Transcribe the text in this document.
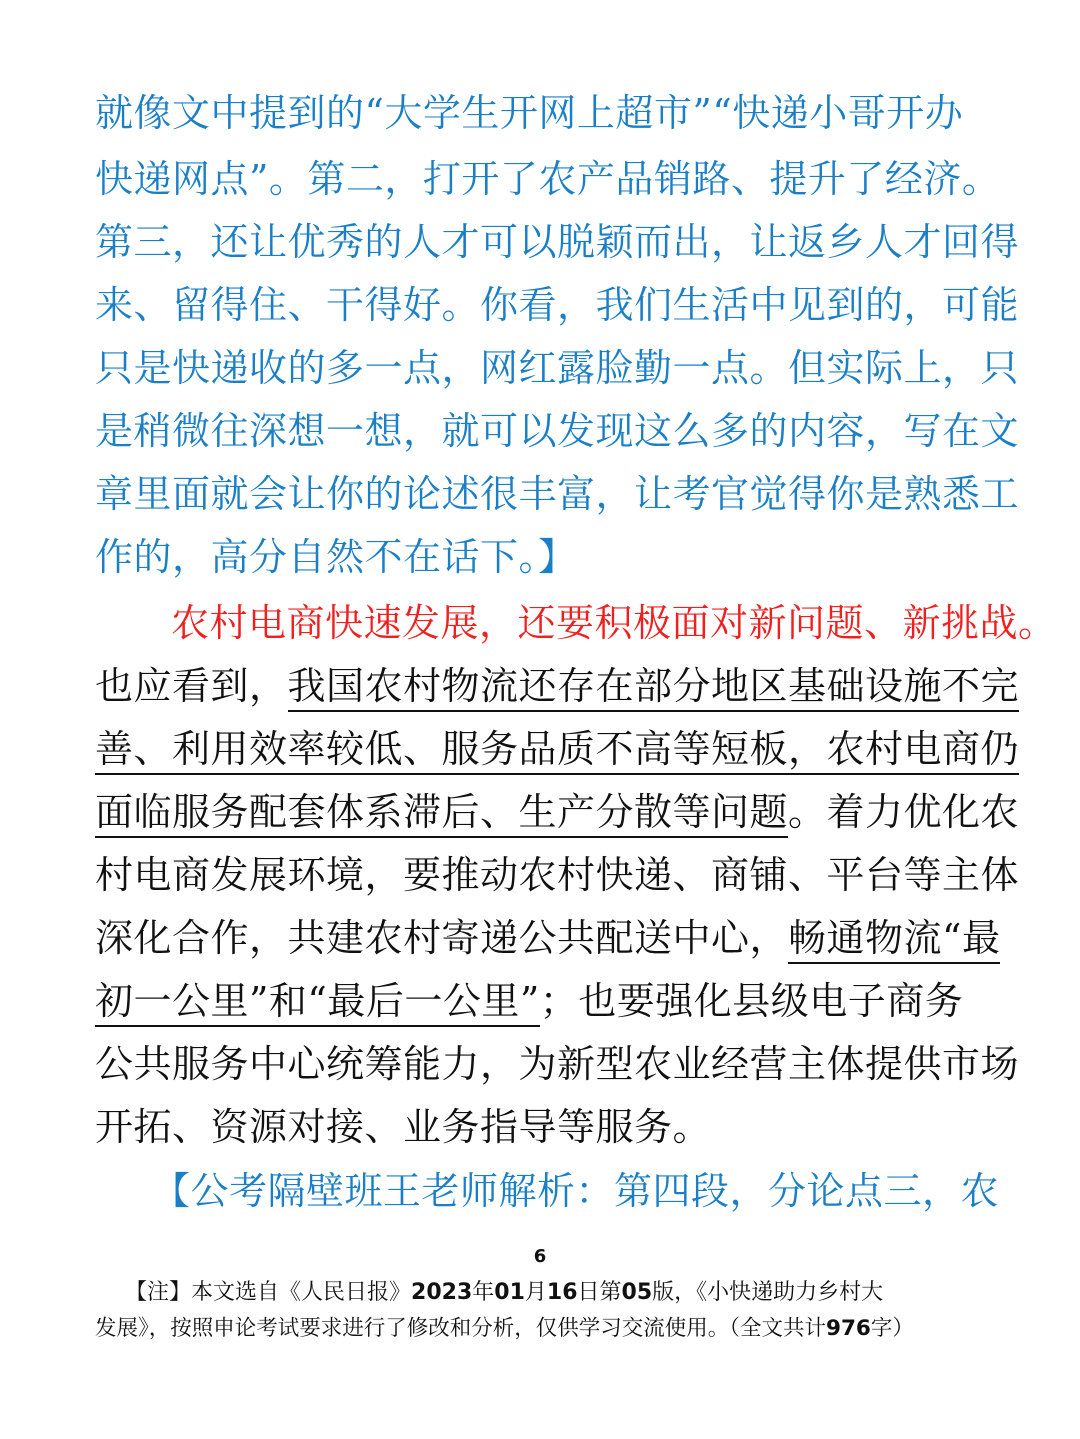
就像文中提到的“大学生开网上超市”“快递小哥开办
快递网点”。第二，打开了农产品销路、提升了经济。
第三，还让优秀的人才可以脱颖而出，让返乡人才回得
来、留得住、干得好。你看，我们生活中见到的，可能
只是快递收的多一点，网红露脸勤一点。但实际上，只
是稍微往深想一想，就可以发现这么多的内容，写在文
章里面就会让你的论述很丰富，让考官觉得你是熟悉工
作的，高分自然不在话下。】
农村电商快速发展，还要积极面对新问题、新挑战。
也应看到，我国农村物流还存在部分地区基础设施不完
善、利用效率较低、服务品质不高等短板，农村电商仍
面临服务配套体系滞后、生产分散等问题。着力优化农
村电商发展环境，要推动农村快递、商铺、平台等主体
深化合作，共建农村寄递公共配送中心，畅通物流“最
初一公里”和“最后一公里”；也要强化县级电子商务
公共服务中心统筹能力，为新型农业经营主体提供市场
开拓、资源对接、业务指导等服务。
【公考隔壁班王老师解析：第四段，分论点三，农
6
【注】本文选自《人民日报》2023年01月16日第05版，《小快递助力乡村大
发展》，按照申论考试要求进行了修改和分析，仅供学习交流使用。（全文共计976字）
